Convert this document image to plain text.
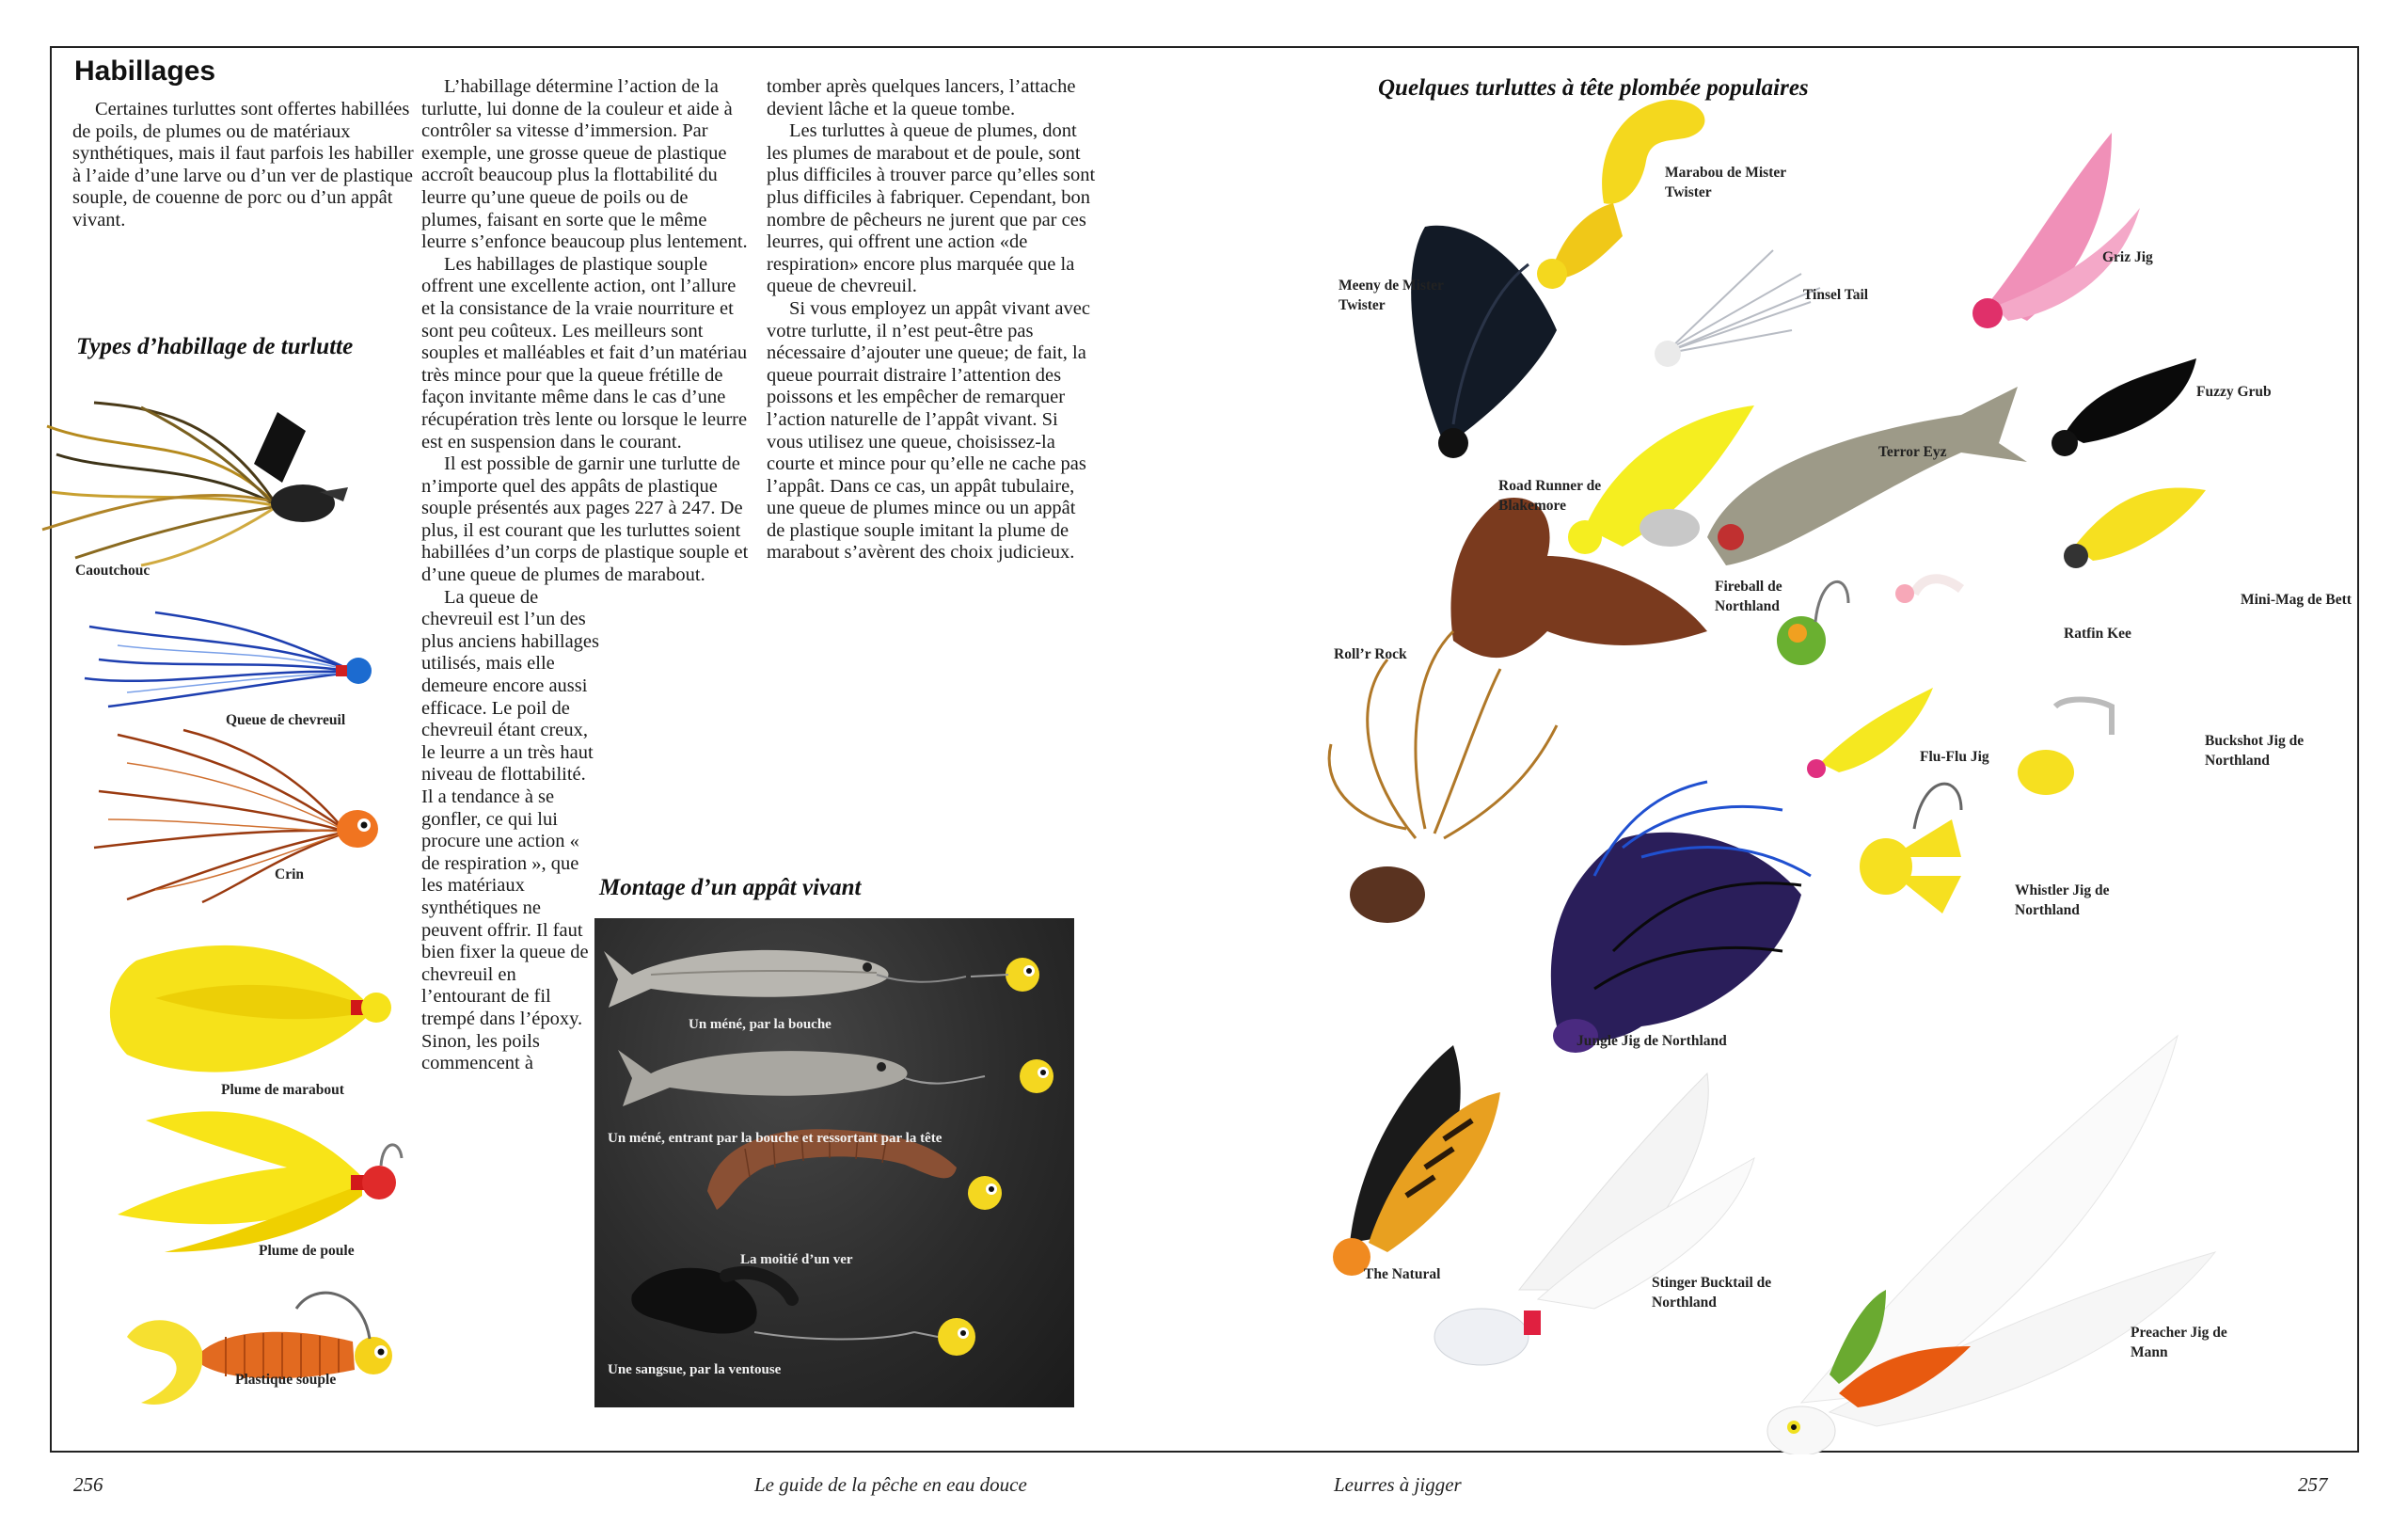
Habillages

Certaines turluttes sont offertes habillées de poils, de plumes ou de matériaux synthétiques, mais il faut parfois les habiller à l’aide d’une larve ou d’un ver de plastique souple, de couenne de porc ou d’un appât vivant.

L’habillage détermine l’action de la turlutte, lui donne de la couleur et aide à contrôler sa vitesse d’immersion. Par exemple, une grosse queue de plastique accroît beaucoup plus la flottabilité du leurre qu’une queue de poils ou de plumes, faisant en sorte que le même leurre s’enfonce beaucoup plus lentement.

Les habillages de plastique souple offrent une excellente action, ont l’allure et la consistance de la vraie nourriture et sont peu coûteux. Les meilleurs sont souples et malléables et fait d’un matériau très mince pour que la queue frétille de façon invitante même dans le cas d’une récupération très lente ou lorsque le leurre est en suspension dans le courant.

Il est possible de garnir une turlutte de n’importe quel des appâts de plastique souple présentés aux pages 227 à 247. De plus, il est courant que les turluttes soient habillées d’un corps de plastique souple et d’une queue de plumes de marabout.

La queue de chevreuil est l’un des plus anciens habillages utilisés, mais elle demeure encore aussi efficace. Le poil de chevreuil étant creux, le leurre a un très haut niveau de flottabilité. Il a tendance à se gonfler, ce qui lui procure une action « de respiration », que les matériaux synthétiques ne peuvent offrir. Il faut bien fixer la queue de chevreuil en l’entourant de fil trempé dans l’époxy. Sinon, les poils commencent à

tomber après quelques lancers, l’attache devient lâche et la queue tombe.

Les turluttes à queue de plumes, dont les plumes de marabout et de poule, sont plus difficiles à trouver parce qu’elles sont plus difficiles à fabriquer. Cependant, bon nombre de pêcheurs ne jurent que par ces leurres, qui offrent une action «de respiration» encore plus marquée que la queue de chevreuil.

Si vous employez un appât vivant avec votre turlutte, il n’est peut-être pas nécessaire d’ajouter une queue; de fait, la queue pourrait distraire l’attention des poissons et les empêcher de remarquer l’action naturelle de l’appât vivant. Si vous utilisez une queue, choisissez-la courte et mince pour qu’elle ne cache pas l’appât. Dans ce cas, un appât tubulaire, une queue de plumes mince ou un appât de plastique souple imitant la plume de marabout s’avèrent des choix judicieux.

Types d’habillage de turlutte

Caoutchouc

Queue de chevreuil

Crin

Plume de marabout

Plume de poule

Plastique souple

Montage d’un appât vivant
Un méné, par la bouche
Un méné, entrant par la bouche et ressortant par la tête
La moitié d’un ver
Une sangsue, par la ventouse
Quelques turluttes à tête plombée populaires

Marabou de Mister Twister

Meeny de Mister Twister

Tinsel Tail

Griz Jig

Fuzzy Grub

Road Runner de Blakemore

Terror Eyz

Mini-Mag de Bett

Fireball de Northland

Ratfin Kee

Roll’r Rock

Flu-Flu Jig

Buckshot Jig de Northland

Whistler Jig de Northland

Jungle Jig de Northland

The Natural

Stinger Bucktail de Northland

Preacher Jig de Mann

256	Le guide de la pêche en eau douce	Leurres à jigger	257
